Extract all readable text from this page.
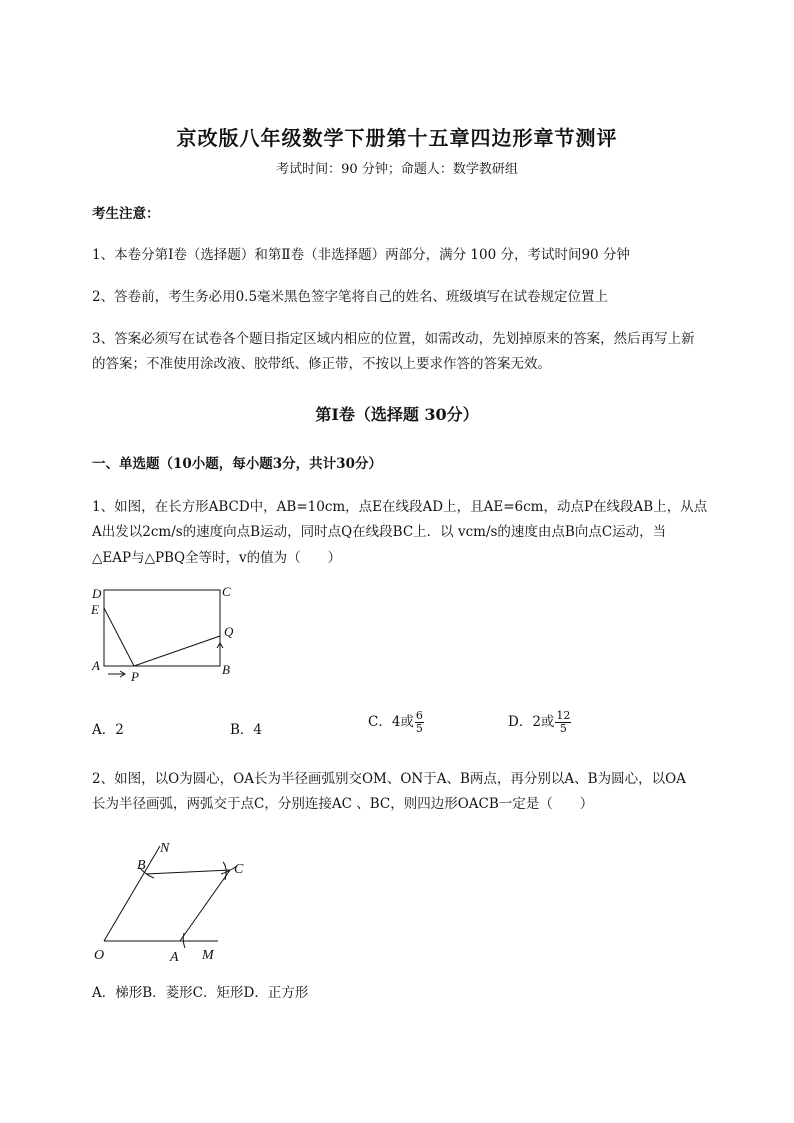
京改版八年级数学下册第十五章四边形章节测评
考试时间：90 分钟；命题人：数学教研组
考生注意：
1、本卷分第Ⅰ卷（选择题）和第Ⅱ卷（非选择题）两部分，满分 100 分，考试时间90 分钟
2、答卷前，考生务必用0.5毫米黑色签字笔将自己的姓名、班级填写在试卷规定位置上
3、答案必须写在试卷各个题目指定区域内相应的位置，如需改动，先划掉原来的答案，然后再写上新
的答案；不准使用涂改液、胶带纸、修正带，不按以上要求作答的答案无效。
第Ⅰ卷（选择题 30分）
一、单选题（10小题，每小题3分，共计30分）
1、如图，在长方形ABCD中，AB=10cm，点E在线段AD上，且AE=6cm，动点P在线段AB上，从点
A出发以2cm/s的速度向点B运动，同时点Q在线段BC上．以 vcm/s的速度由点B向点C运动，当
△EAP与△PBQ全等时，v的值为（　　）
D
E
A
P	B
C
Q
A．2	B．4	C．4或 $\frac{6}{5}$	D．2或 $\frac{12}{5}$
2、如图，以O为圆心，OA长为半径画弧别交OM、ON于A、B两点，再分别以A、B为圆心，以OA
长为半径画弧，两弧交于点C，分别连接AC 、BC，则四边形OACB一定是（　　）
N
B	C
O	A M
A．梯形B．菱形C．矩形D．正方形
